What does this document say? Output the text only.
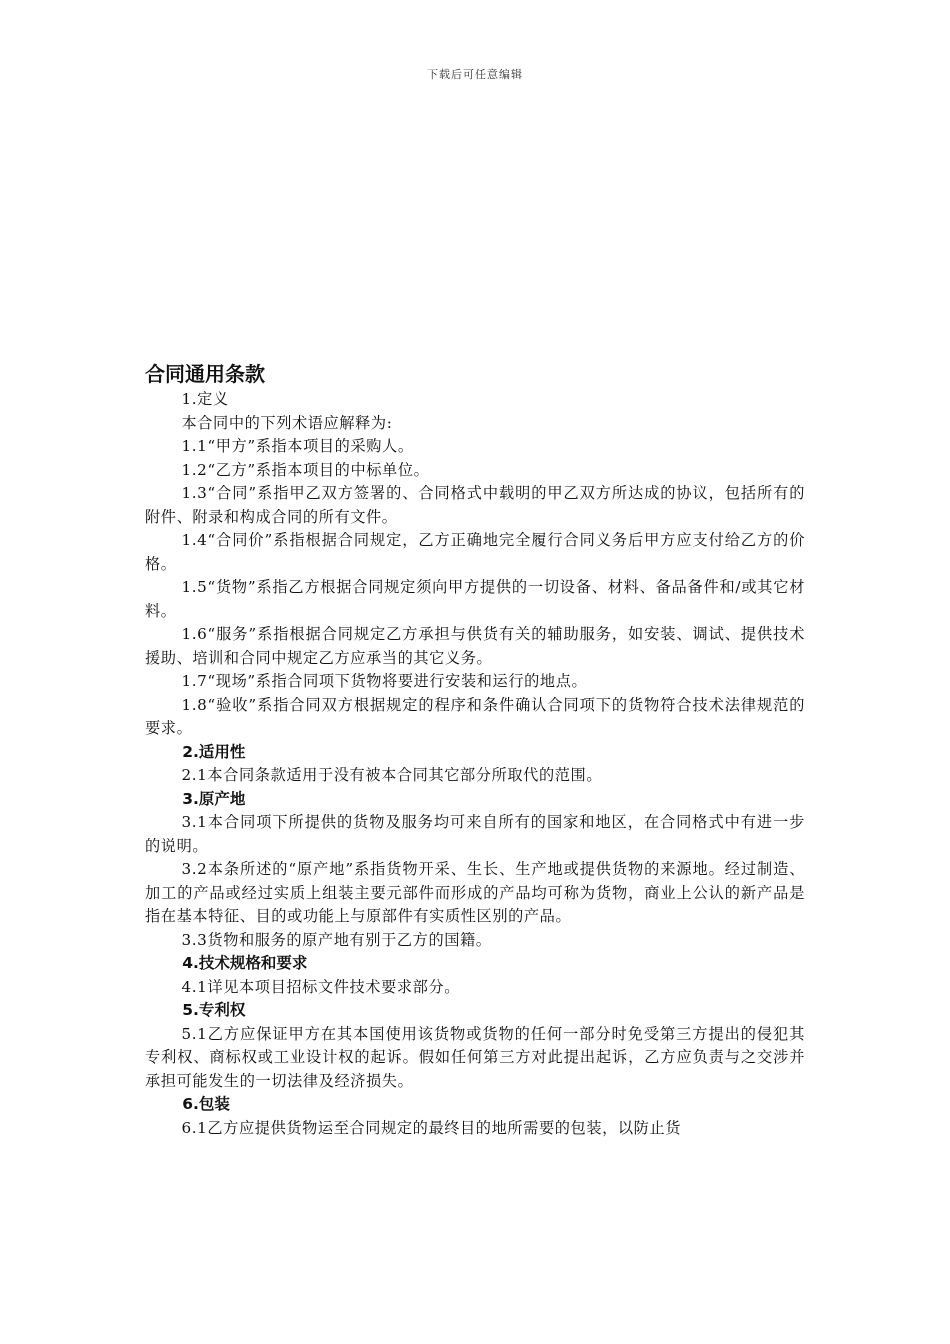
下载后可任意编辑
合同通用条款

1.定义

本合同中的下列术语应解释为:

1.1“甲方”系指本项目的采购人。

1.2“乙方”系指本项目的中标单位。

1.3“合同”系指甲乙双方签署的、合同格式中载明的甲乙双方所达成的协议，包括所有的附件、附录和构成合同的所有文件。

1.4“合同价”系指根据合同规定，乙方正确地完全履行合同义务后甲方应支付给乙方的价格。

1.5“货物”系指乙方根据合同规定须向甲方提供的一切设备、材料、备品备件和/或其它材料。

1.6“服务”系指根据合同规定乙方承担与供货有关的辅助服务，如安装、调试、提供技术援助、培训和合同中规定乙方应承当的其它义务。

1.7“现场”系指合同项下货物将要进行安装和运行的地点。

1.8“验收”系指合同双方根据规定的程序和条件确认合同项下的货物符合技术法律规范的要求。

2.适用性

2.1本合同条款适用于没有被本合同其它部分所取代的范围。

3.原产地

3.1本合同项下所提供的货物及服务均可来自所有的国家和地区，在合同格式中有进一步的说明。

3.2本条所述的“原产地”系指货物开采、生长、生产地或提供货物的来源地。经过制造、加工的产品或经过实质上组装主要元部件而形成的产品均可称为货物，商业上公认的新产品是指在基本特征、目的或功能上与原部件有实质性区别的产品。

3.3货物和服务的原产地有别于乙方的国籍。

4.技术规格和要求

4.1详见本项目招标文件技术要求部分。

5.专利权

5.1乙方应保证甲方在其本国使用该货物或货物的任何一部分时免受第三方提出的侵犯其专利权、商标权或工业设计权的起诉。假如任何第三方对此提出起诉，乙方应负责与之交涉并承担可能发生的一切法律及经济损失。

6.包装

6.1乙方应提供货物运至合同规定的最终目的地所需要的包装，以防止货
